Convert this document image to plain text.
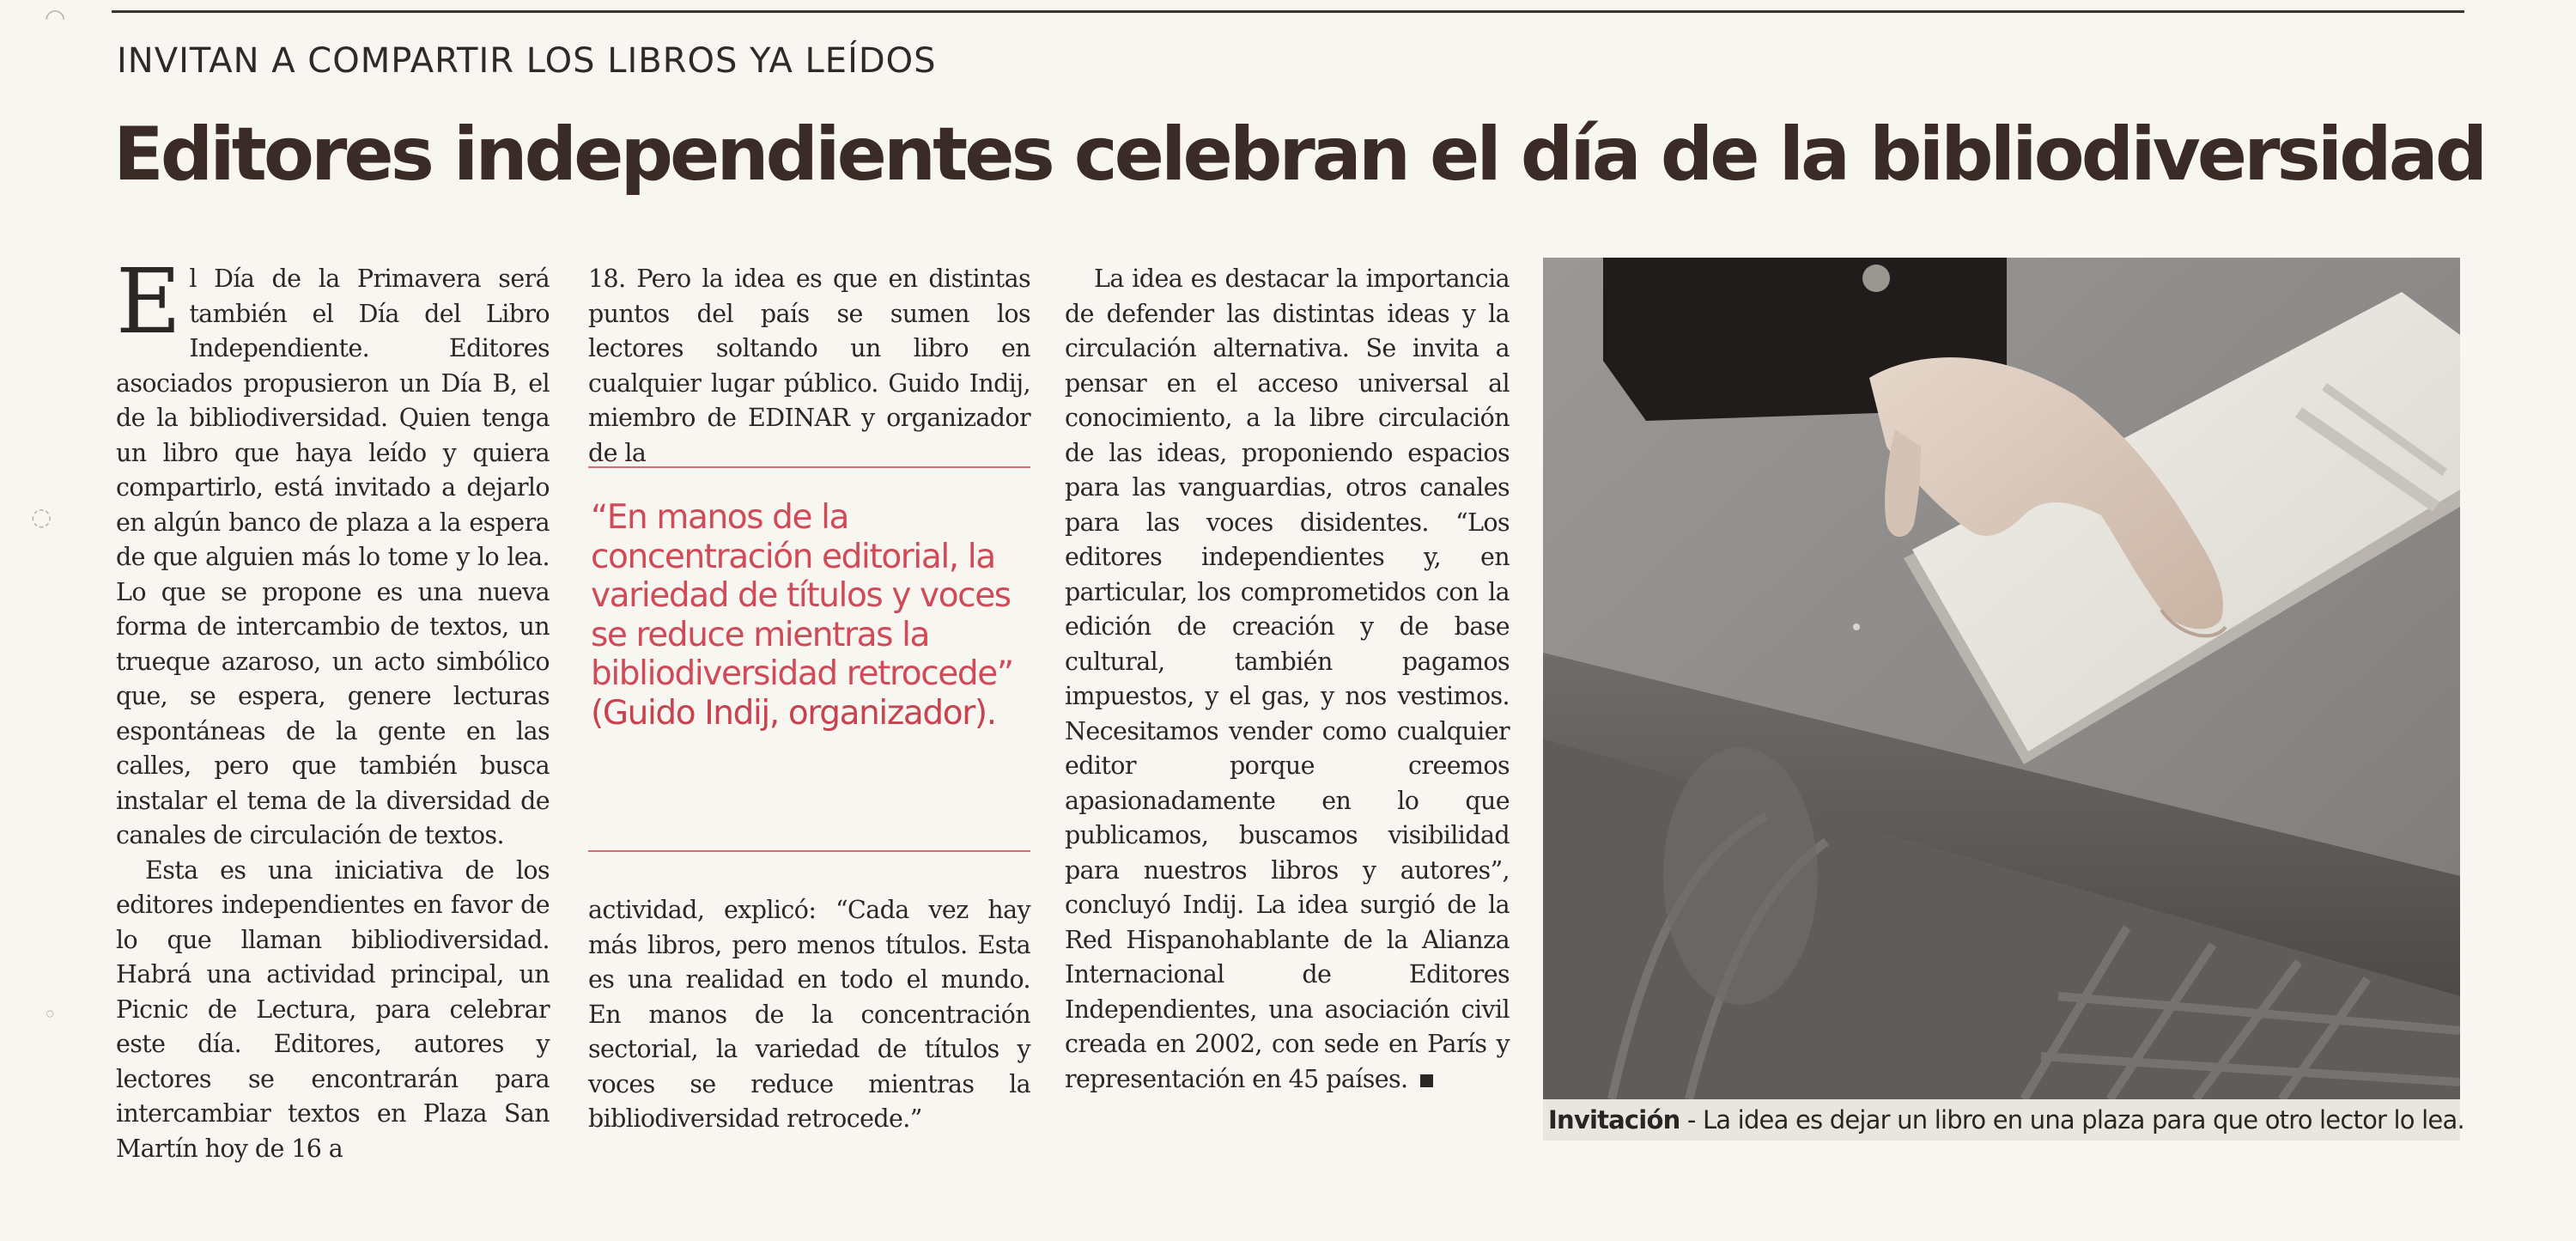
◠
◌
◦
INVITAN A COMPARTIR LOS LIBROS YA LEÍDOS
Editores independientes celebran el día de la bibliodiversidad

El Día de la Primavera será también el Día del Libro Independiente. Editores asociados propusieron un Día B, el de la bibliodiversidad. Quien tenga un libro que haya leído y quiera compartirlo, está invitado a dejarlo en algún banco de plaza a la espera de que alguien más lo tome y lo lea. Lo que se propone es una nueva forma de intercambio de textos, un trueque azaroso, un acto simbólico que, se espera, genere lecturas espontáneas de la gente en las calles, pero que también busca instalar el tema de la diversidad de canales de circulación de textos.

Esta es una iniciativa de los editores independientes en favor de lo que llaman bibliodiversidad. Habrá una actividad principal, un Picnic de Lectura, para celebrar este día. Editores, autores y lectores se encontrarán para intercambiar textos en Plaza San Martín hoy de 16 a

18. Pero la idea es que en distintas puntos del país se sumen los lectores soltando un libro en cualquier lugar público. Guido Indij, miembro de EDINAR y organizador de la

“En manos de la concentración editorial, la variedad de títulos y voces se reduce mientras la bibliodiversidad retrocede” (Guido Indij, organizador).

actividad, explicó: “Cada vez hay más libros, pero menos títulos. Esta es una realidad en todo el mundo. En manos de la concentración sectorial, la variedad de títulos y voces se reduce mientras la bibliodiversidad retrocede.”

La idea es destacar la importancia de defender las distintas ideas y la circulación alternativa. Se invita a pensar en el acceso universal al conocimiento, a la libre circulación de las ideas, proponiendo espacios para las vanguardias, otros canales para las voces disidentes. “Los editores independientes y, en particular, los comprometidos con la edición de creación y de base cultural, también pagamos impuestos, y el gas, y nos vestimos. Necesitamos vender como cualquier editor porque creemos apasionadamente en lo que publicamos, buscamos visibilidad para nuestros libros y autores”, concluyó Indij. La idea surgió de la Red Hispanohablante de la Alianza Internacional de Editores Independientes, una asociación civil creada en 2002, con sede en París y representación en 45 países.

Invitación - La idea es dejar un libro en una plaza para que otro lector lo lea.
